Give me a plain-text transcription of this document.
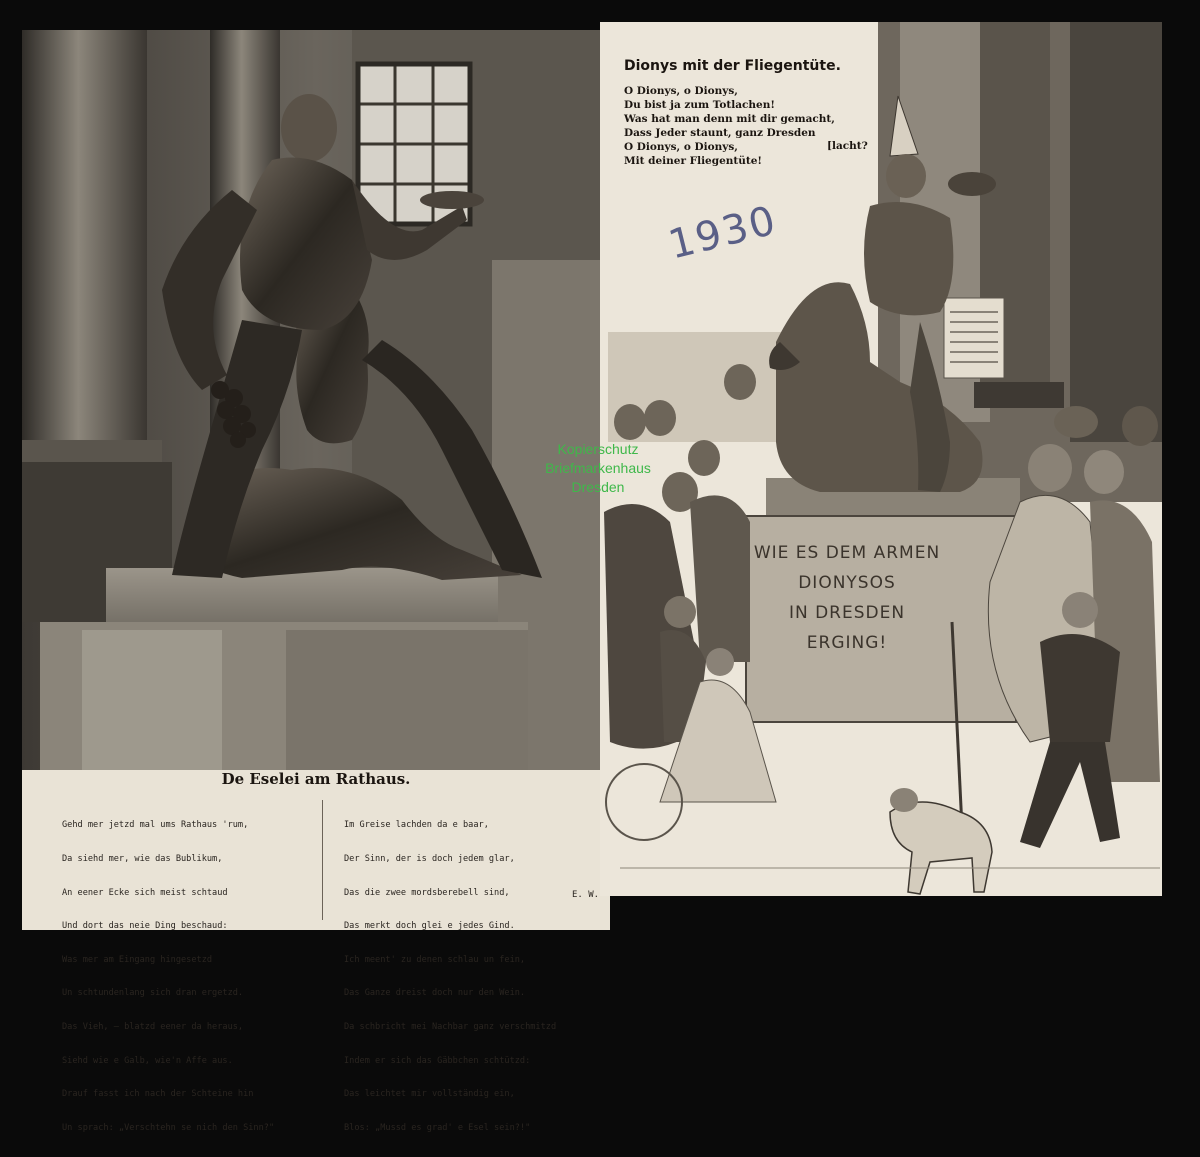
De Eselei am Rathaus.

Gehd mer jetzd mal ums Rathaus 'rum,

Da siehd mer, wie das Bublikum,

An eener Ecke sich meist schtaud

Und dort das neie Ding beschaud:

Was mer am Eingang hingesetzd

Un schtundenlang sich dran ergetzd.

Das Vieh, — blatzd eener da heraus,

Siehd wie e Galb, wie'n Affe aus.

Drauf fasst ich nach der Schteine hin

Un sprach: „Verschtehn se nich den Sinn?"

Im Greise lachden da e baar,

Der Sinn, der is doch jedem glar,

Das die zwee mordsberebell sind,

Das merkt doch glei e jedes Gind.

Ich meent' zu denen schlau un fein,

Das Ganze dreist doch nur den Wein.

Da schbricht mei Nachbar ganz verschmitzd

Indem er sich das Gäbbchen schtützd:

Das leichtet mir vollständig ein,

Blos: „Mussd es grad' e Esel sein?!"

E. W.
Dionys mit der Fliegentüte.
O Dionys, o Dionys,
Du bist ja zum Totlachen!
Was hat man denn mit dir gemacht,
Dass Jeder staunt, ganz Dresden
O Dionys, o Dionys,
Mit deiner Fliegentüte!
[lacht?
1930
WIE ES DEM ARMEN
DIONYSOS
IN DRESDEN
ERGING!
Kopierschutz
Briefmarkenhaus
Dresden
